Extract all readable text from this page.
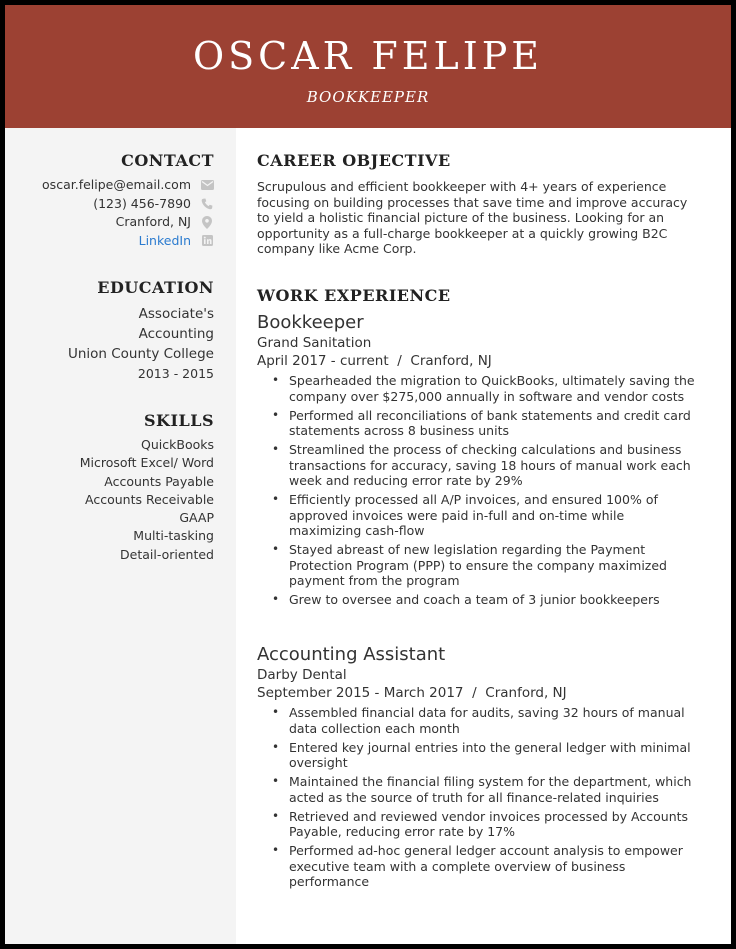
OSCAR FELIPE
BOOKKEEPER
CONTACT
oscar.felipe@email.com
(123) 456-7890
Cranford, NJ
LinkedIn
EDUCATION
Associate's
Accounting
Union County College
2013 - 2015
SKILLS
QuickBooks
Microsoft Excel/ Word
Accounts Payable
Accounts Receivable
GAAP
Multi-tasking
Detail-oriented
CAREER OBJECTIVE
Scrupulous and efficient bookkeeper with 4+ years of experience focusing on building processes that save time and improve accuracy to yield a holistic financial picture of the business. Looking for an opportunity as a full-charge bookkeeper at a quickly growing B2C company like Acme Corp.
WORK EXPERIENCE
Bookkeeper
Grand Sanitation
April 2017 - current  /  Cranford, NJ
• Spearheaded the migration to QuickBooks, ultimately saving the company over $275,000 annually in software and vendor costs
• Performed all reconciliations of bank statements and credit card statements across 8 business units
• Streamlined the process of checking calculations and business transactions for accuracy, saving 18 hours of manual work each week and reducing error rate by 29%
• Efficiently processed all A/P invoices, and ensured 100% of approved invoices were paid in-full and on-time while maximizing cash-flow
• Stayed abreast of new legislation regarding the Payment Protection Program (PPP) to ensure the company maximized payment from the program
• Grew to oversee and coach a team of 3 junior bookkeepers
Accounting Assistant
Darby Dental
September 2015 - March 2017  /  Cranford, NJ
• Assembled financial data for audits, saving 32 hours of manual data collection each month
• Entered key journal entries into the general ledger with minimal oversight
• Maintained the financial filing system for the department, which acted as the source of truth for all finance-related inquiries
• Retrieved and reviewed vendor invoices processed by Accounts Payable, reducing error rate by 17%
• Performed ad-hoc general ledger account analysis to empower executive team with a complete overview of business performance
